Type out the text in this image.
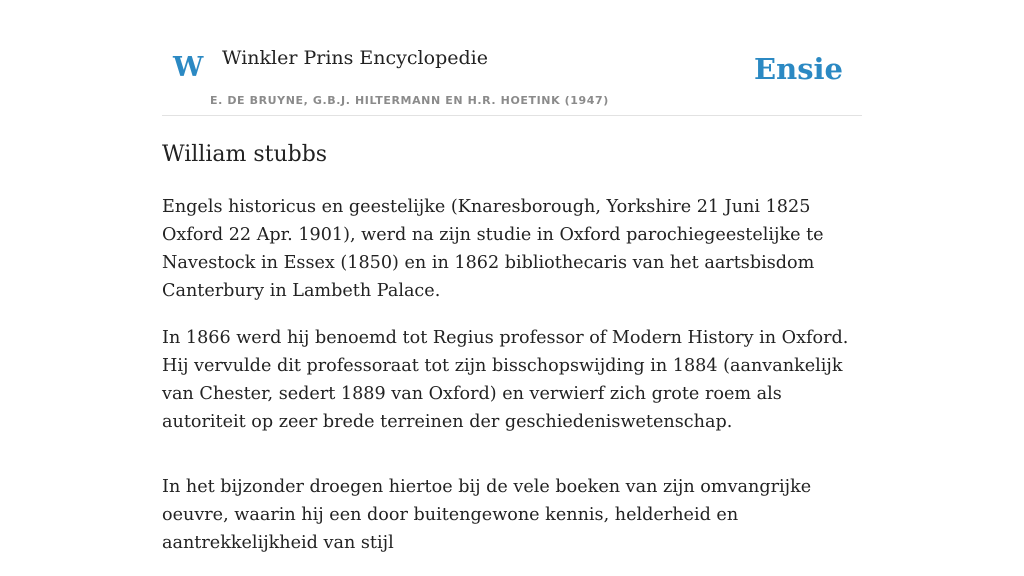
W Winkler Prins Encyclopedie
E. DE BRUYNE, G.B.J. HILTERMANN EN H.R. HOETINK (1947)
Ensie
William stubbs

Engels historicus en geestelijke (Knaresborough, Yorkshire 21 Juni 1825 Oxford 22 Apr. 1901), werd na zijn studie in Oxford parochiegeestelijke te Navestock in Essex (1850) en in 1862 bibliothecaris van het aartsbisdom Canterbury in Lambeth Palace.

In 1866 werd hij benoemd tot Regius professor of Modern History in Oxford. Hij vervulde dit professoraat tot zijn bisschopswijding in 1884 (aanvankelijk van Chester, sedert 1889 van Oxford) en verwierf zich grote roem als autoriteit op zeer brede terreinen der geschiedeniswetenschap.

In het bijzonder droegen hiertoe bij de vele boeken van zijn omvangrijke oeuvre, waarin hij een door buitengewone kennis, helderheid en aantrekkelijkheid van stijl
